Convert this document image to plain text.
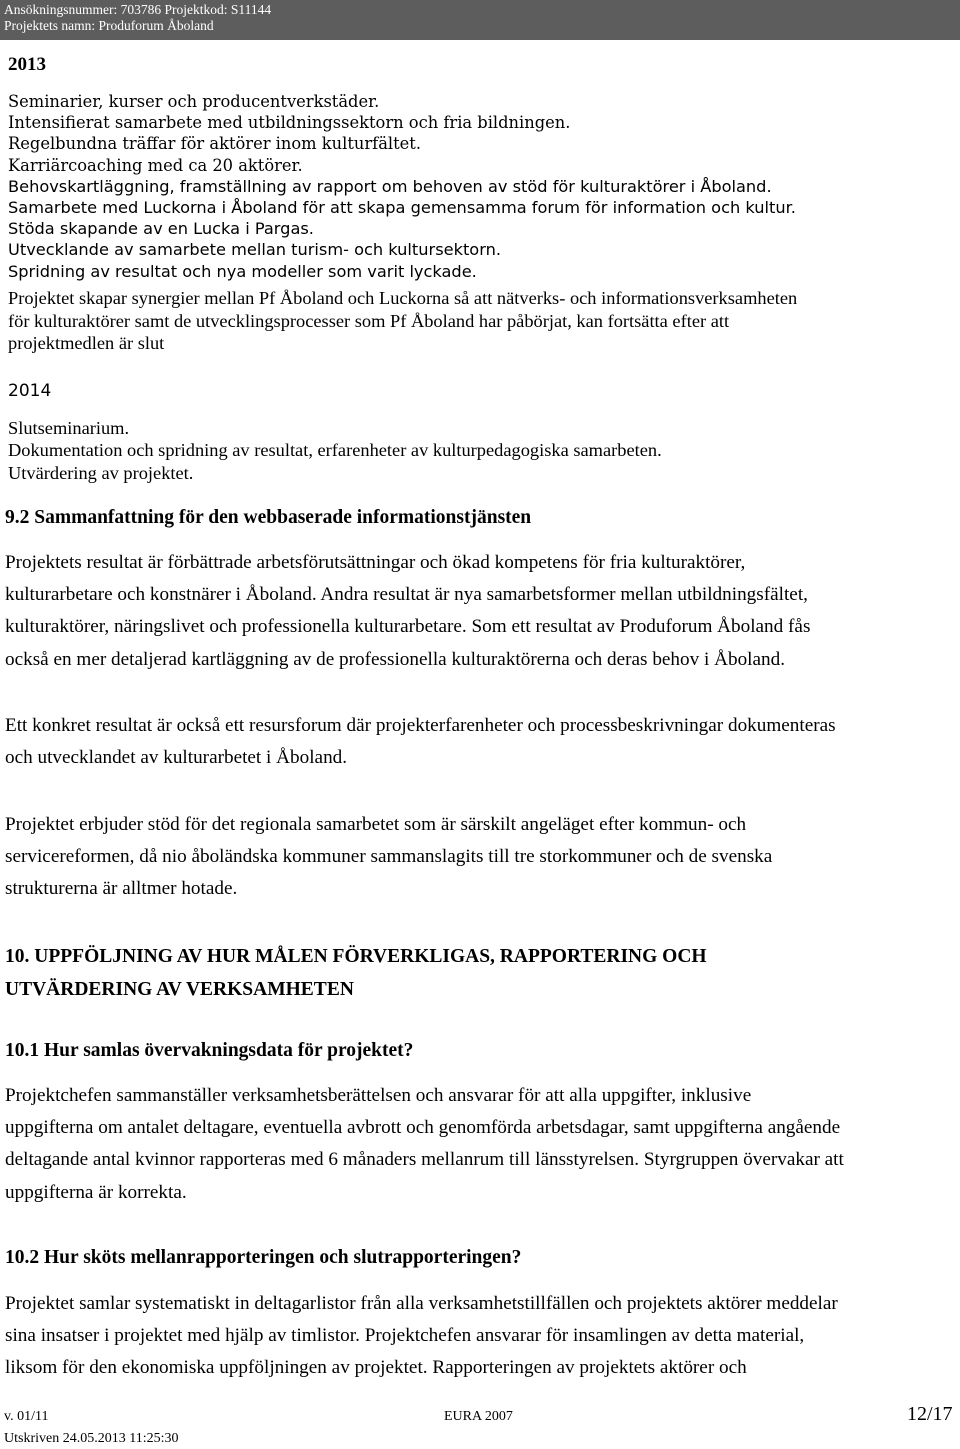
Ansökningsnummer: 703786 Projektkod: S11144
Projektets namn: Produforum Åboland
2013
Seminarier, kurser och producentverkstäder.
Intensifierat samarbete med utbildningssektorn och fria bildningen.
Regelbundna träffar för aktörer inom kulturfältet.
Karriärcoaching med ca 20 aktörer.
Behovskartläggning, framställning av rapport om behoven av stöd för kulturaktörer i Åboland.
Samarbete med Luckorna i Åboland för att skapa gemensamma forum för information och kultur.
Stöda skapande av en Lucka i Pargas.
Utvecklande av samarbete mellan turism- och kultursektorn.
Spridning av resultat och nya modeller som varit lyckade.
Projektet skapar synergier mellan Pf Åboland och Luckorna så att nätverks- och informationsverksamheten
för kulturaktörer samt de utvecklingsprocesser som Pf Åboland har påbörjat, kan fortsätta efter att
projektmedlen är slut
2014
Slutseminarium.
Dokumentation och spridning av resultat, erfarenheter av kulturpedagogiska samarbeten.
Utvärdering av projektet.
9.2 Sammanfattning för den webbaserade informationstjänsten
Projektets resultat är förbättrade arbetsförutsättningar och ökad kompetens för fria kulturaktörer,
kulturarbetare och konstnärer i Åboland. Andra resultat är nya samarbetsformer mellan utbildningsfältet,
kulturaktörer, näringslivet och professionella kulturarbetare. Som ett resultat av Produforum Åboland fås
också en mer detaljerad kartläggning av de professionella kulturaktörerna och deras behov i Åboland.
Ett konkret resultat är också ett resursforum där projekterfarenheter och processbeskrivningar dokumenteras
och utvecklandet av kulturarbetet i Åboland.
Projektet erbjuder stöd för det regionala samarbetet som är särskilt angeläget efter kommun- och
servicereformen, då nio åboländska kommuner sammanslagits till tre storkommuner och de svenska
strukturerna är alltmer hotade.
10. UPPFÖLJNING AV HUR MÅLEN FÖRVERKLIGAS, RAPPORTERING OCH
UTVÄRDERING AV VERKSAMHETEN
10.1 Hur samlas övervakningsdata för projektet?
Projektchefen sammanställer verksamhetsberättelsen och ansvarar för att alla uppgifter, inklusive
uppgifterna om antalet deltagare, eventuella avbrott och genomförda arbetsdagar, samt uppgifterna angående
deltagande antal kvinnor rapporteras med 6 månaders mellanrum till länsstyrelsen. Styrgruppen övervakar att
uppgifterna är korrekta.
10.2 Hur sköts mellanrapporteringen och slutrapporteringen?
Projektet samlar systematiskt in deltagarlistor från alla verksamhetstillfällen och projektets aktörer meddelar
sina insatser i projektet med hjälp av timlistor. Projektchefen ansvarar för insamlingen av detta material,
liksom för den ekonomiska uppföljningen av projektet. Rapporteringen av projektets aktörer och
v. 01/11	EURA 2007	12/17
Utskriven 24.05.2013 11:25:30
